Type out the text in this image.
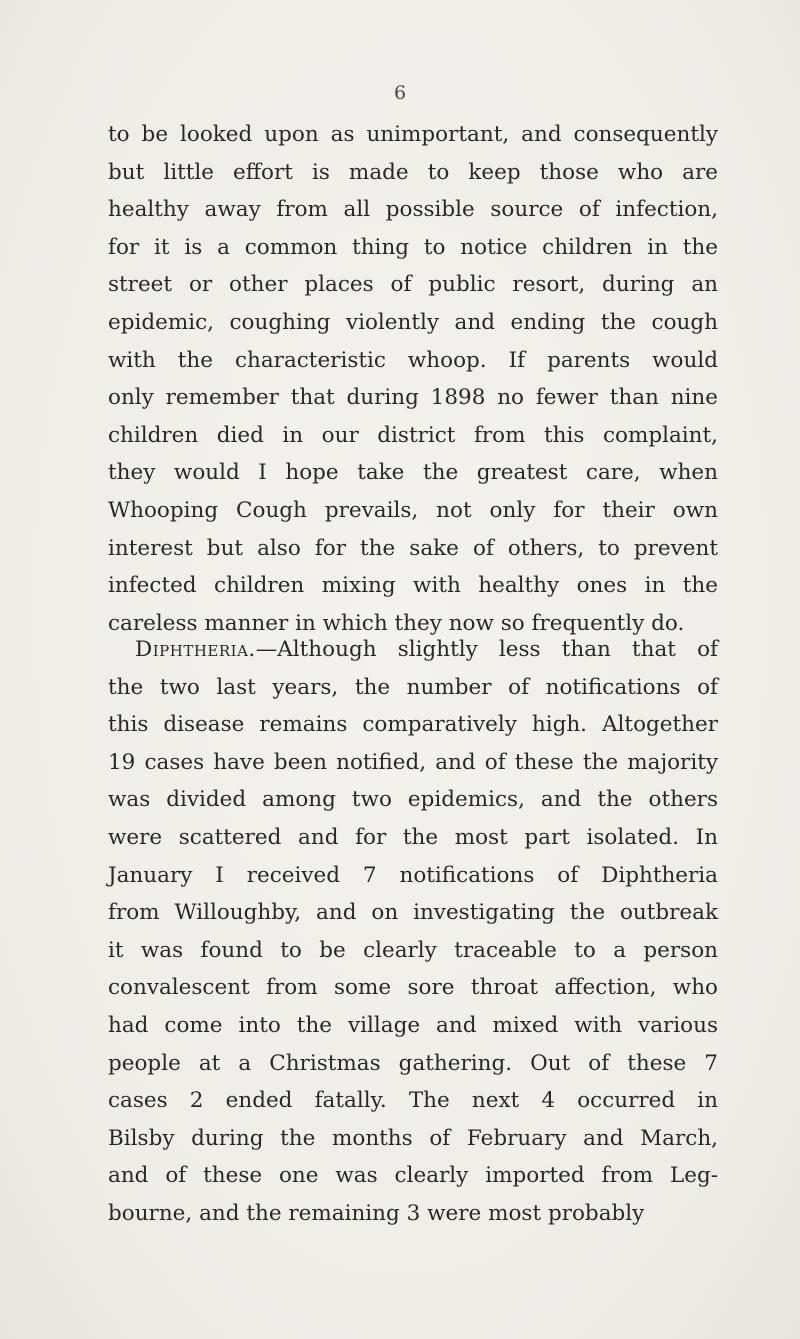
6
to be looked upon as unimportant, and consequently
but little effort is made to keep those who are
healthy away from all possible source of infection,
for it is a common thing to notice children in the
street or other places of public resort, during an
epidemic, coughing violently and ending the cough
with the characteristic whoop. If parents would
only remember that during 1898 no fewer than nine
children died in our district from this complaint,
they would I hope take the greatest care, when
Whooping Cough prevails, not only for their own
interest but also for the sake of others, to prevent
infected children mixing with healthy ones in the
careless manner in which they now so frequently do.
Diphtheria.—Although slightly less than that of
the two last years, the number of notifications of
this disease remains comparatively high. Altogether
19 cases have been notified, and of these the majority
was divided among two epidemics, and the others
were scattered and for the most part isolated. In
January I received 7 notifications of Diphtheria
from Willoughby, and on investigating the outbreak
it was found to be clearly traceable to a person
convalescent from some sore throat affection, who
had come into the village and mixed with various
people at a Christmas gathering. Out of these 7
cases 2 ended fatally. The next 4 occurred in
Bilsby during the months of February and March,
and of these one was clearly imported from Leg-
bourne, and the remaining 3 were most probably
